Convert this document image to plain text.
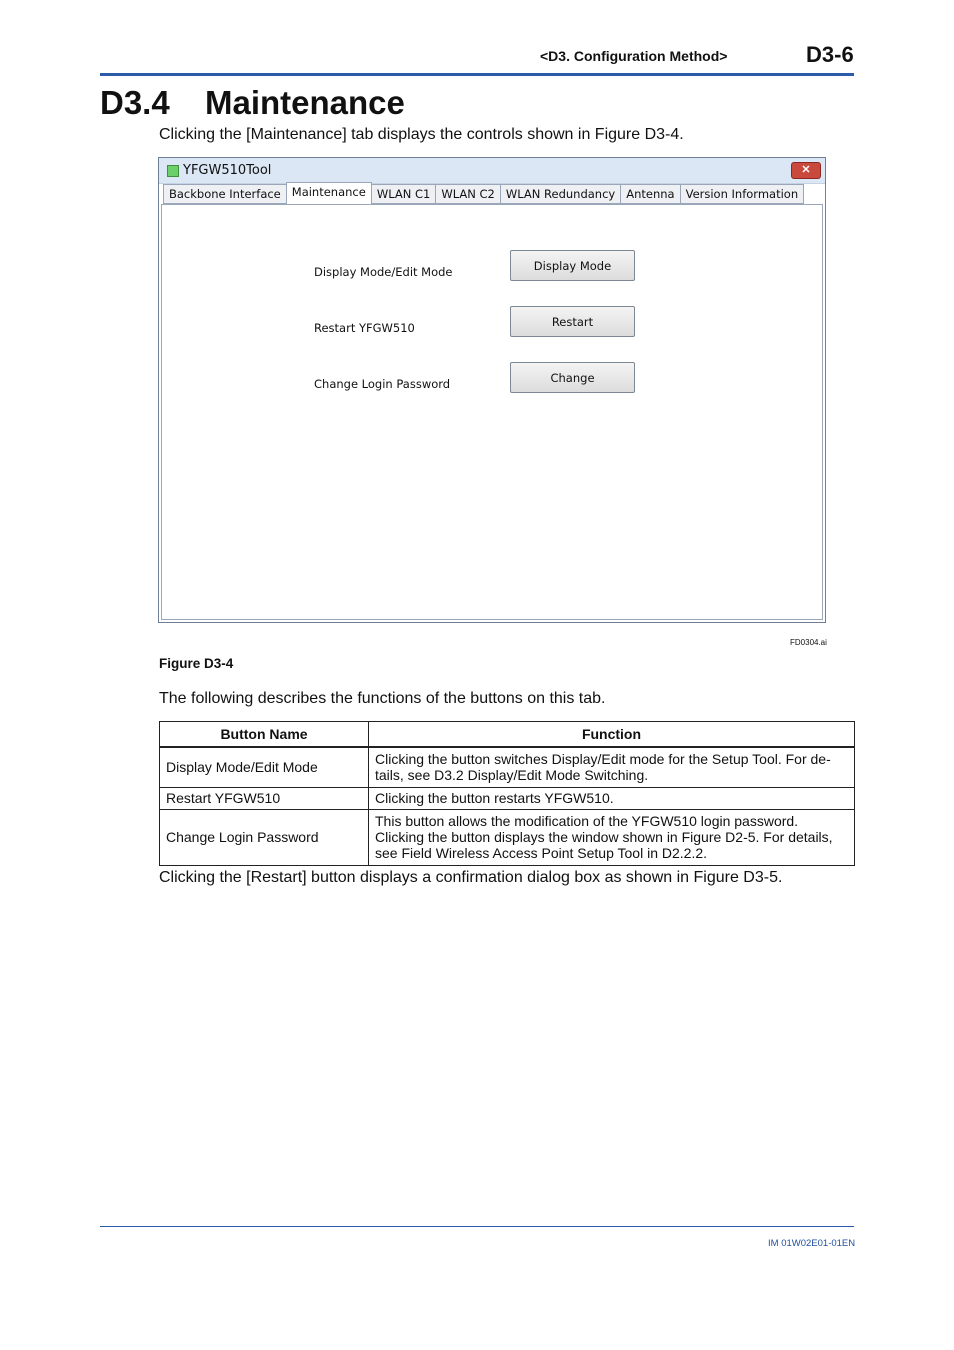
<D3. Configuration Method>	D3-6
D3.4 Maintenance
Clicking the [Maintenance] tab displays the controls shown in Figure D3-4.
YFGW510Tool	✕
Backbone Interface Maintenance WLAN C1 WLAN C2 WLAN Redundancy Antenna Version Information
Display Mode/Edit Mode	Display Mode
Restart YFGW510	Restart
Change Login Password	Change
FD0304.ai
Figure D3-4
The following describes the functions of the buttons on this tab.
Button Name	Function
Display Mode/Edit Mode	Clicking the button switches Display/Edit mode for the Setup Tool. For de-
tails, see D3.2 Display/Edit Mode Switching.
Restart YFGW510	Clicking the button restarts YFGW510.
Change Login Password	This button allows the modification of the YFGW510 login password. Clicking the button displays the window shown in Figure D2-5. For details, see Field Wireless Access Point Setup Tool in D2.2.2.
Clicking the [Restart] button displays a confirmation dialog box as shown in Figure D3-5.
IM 01W02E01-01EN
